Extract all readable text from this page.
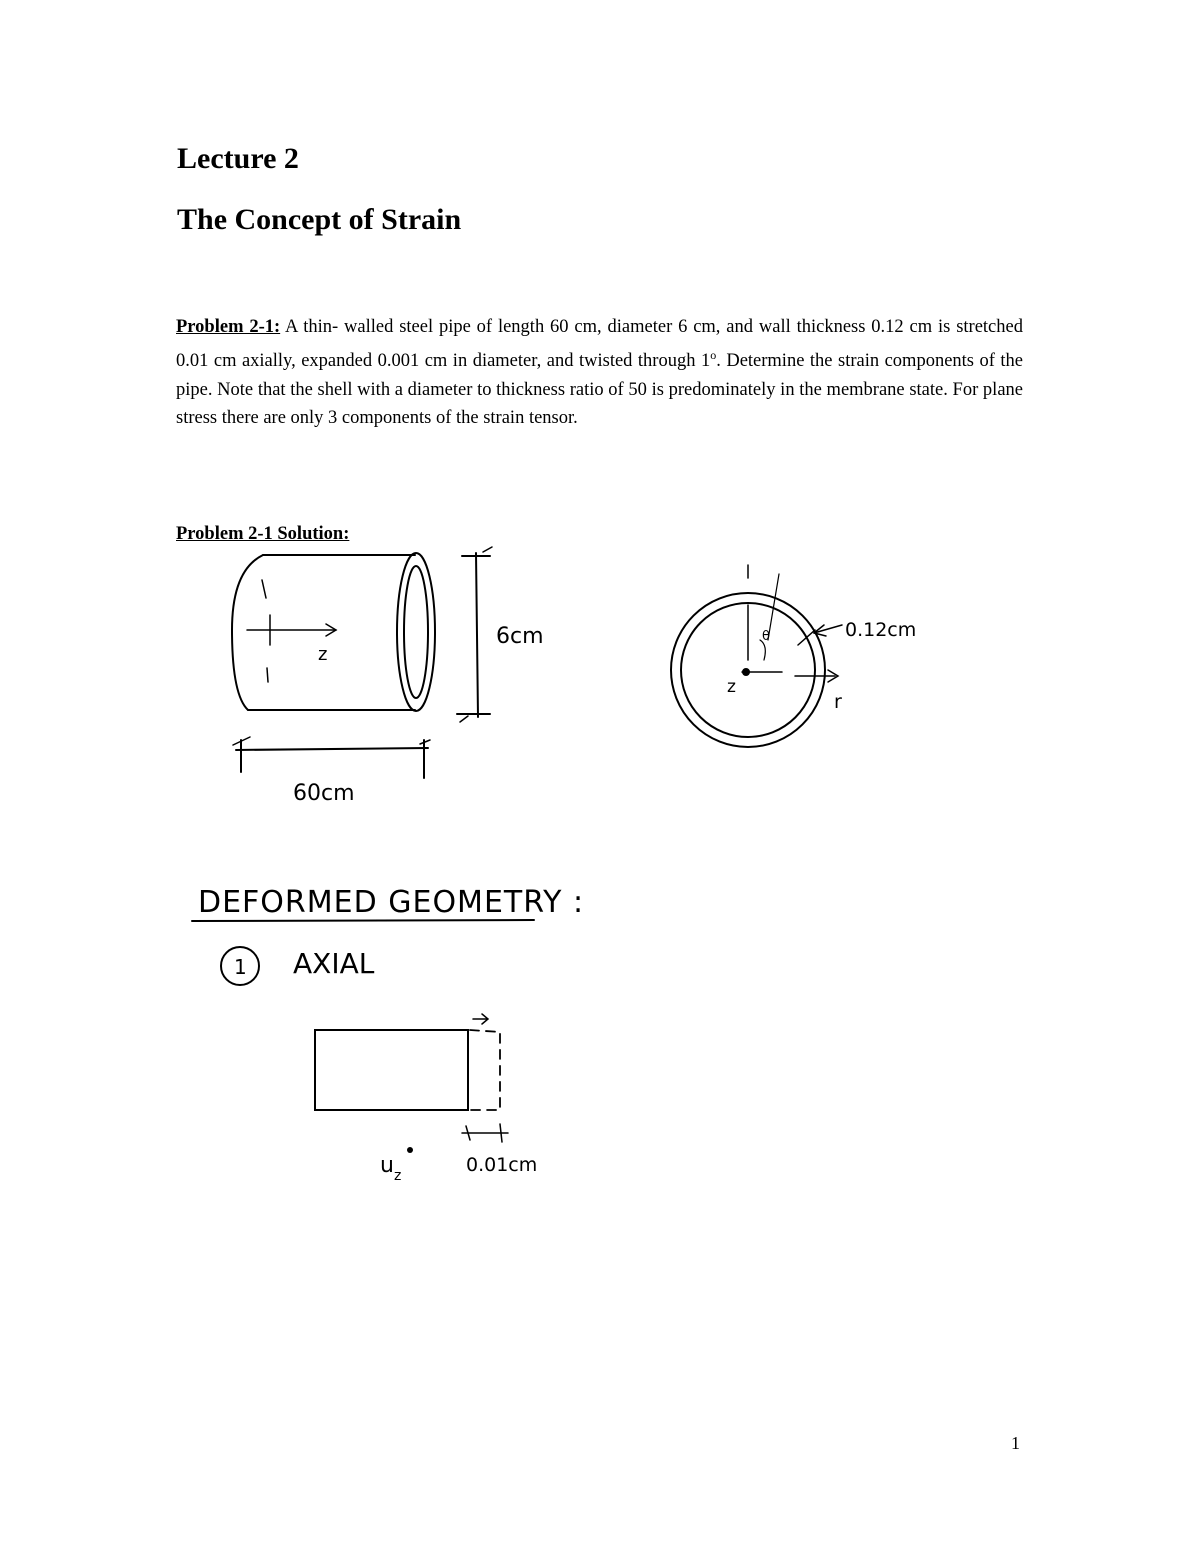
Lecture 2
The Concept of Strain

Problem 2-1: A thin- walled steel pipe of length 60 cm, diameter 6 cm, and wall thickness 0.12 cm is stretched 0.01 cm axially, expanded 0.001 cm in diameter, and twisted through 1$^o$. Determine the strain components of the pipe. Note that the shell with a diameter to thickness ratio of 50 is predominately in the membrane state. For plane stress there are only 3 components of the strain tensor.

Problem 2-1 Solution:

z
6cm
60cm
0.12cm
θ
z
r
DEFORMED GEOMETRY :
1 AXIAL
$u_z$	0.01cm
1
